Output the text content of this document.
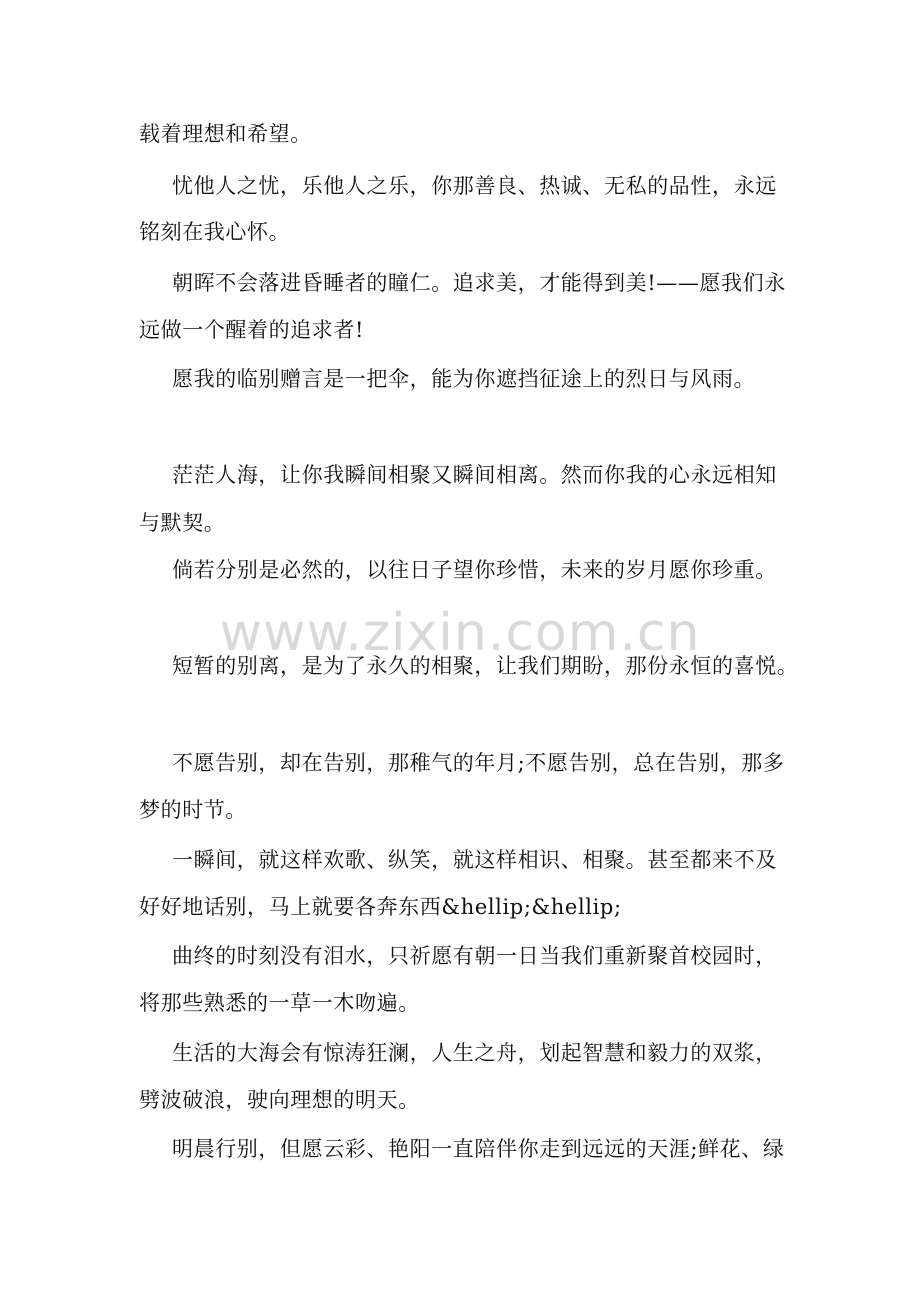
载着理想和希望。
忧他人之忧，乐他人之乐，你那善良、热诚、无私的品性，永远
铭刻在我心怀。
朝晖不会落进昏睡者的瞳仁。追求美，才能得到美!——愿我们永
远做一个醒着的追求者!
愿我的临别赠言是一把伞，能为你遮挡征途上的烈日与风雨。
茫茫人海，让你我瞬间相聚又瞬间相离。然而你我的心永远相知
与默契。
倘若分别是必然的，以往日子望你珍惜，未来的岁月愿你珍重。
www.zixin.com.cn
短暂的别离，是为了永久的相聚，让我们期盼，那份永恒的喜悦。
不愿告别，却在告别，那稚气的年月;不愿告别，总在告别，那多
梦的时节。
一瞬间，就这样欢歌、纵笑，就这样相识、相聚。甚至都来不及
好好地话别，马上就要各奔东西&hellip;&hellip;
曲终的时刻没有泪水，只祈愿有朝一日当我们重新聚首校园时，
将那些熟悉的一草一木吻遍。
生活的大海会有惊涛狂澜，人生之舟，划起智慧和毅力的双浆，
劈波破浪，驶向理想的明天。
明晨行别，但愿云彩、艳阳一直陪伴你走到远远的天涯;鲜花、绿
